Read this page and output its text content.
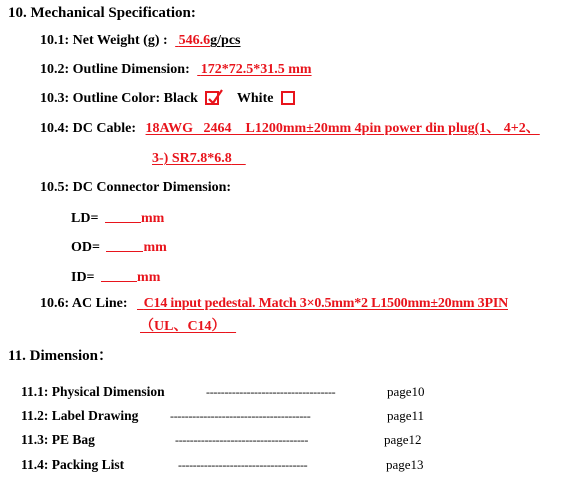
10. Mechanical Specification:
10.1: Net Weight (g) : 546.6g/pcs
10.2: Outline Dimension: 172*72.5*31.5 mm
10.3: Outline Color: Black	White
10.4: DC Cable: 18AWG   2464    L1200mm±20mm 4pin power din plug(1、 4+2、
3-) SR7.8*6.8
10.5: DC Connector Dimension:
LD=	mm
OD=	mm
ID=	mm
10.6: AC Line: C14 input pedestal. Match 3×0.5mm*2 L1500mm±20mm 3PIN
（UL、C14）
11. Dimension：
11.1: Physical Dimension	-----------------------------------	page10
11.2: Label Drawing	--------------------------------------	page11
11.3: PE Bag	------------------------------------	page12
11.4: Packing List	-----------------------------------	page13
